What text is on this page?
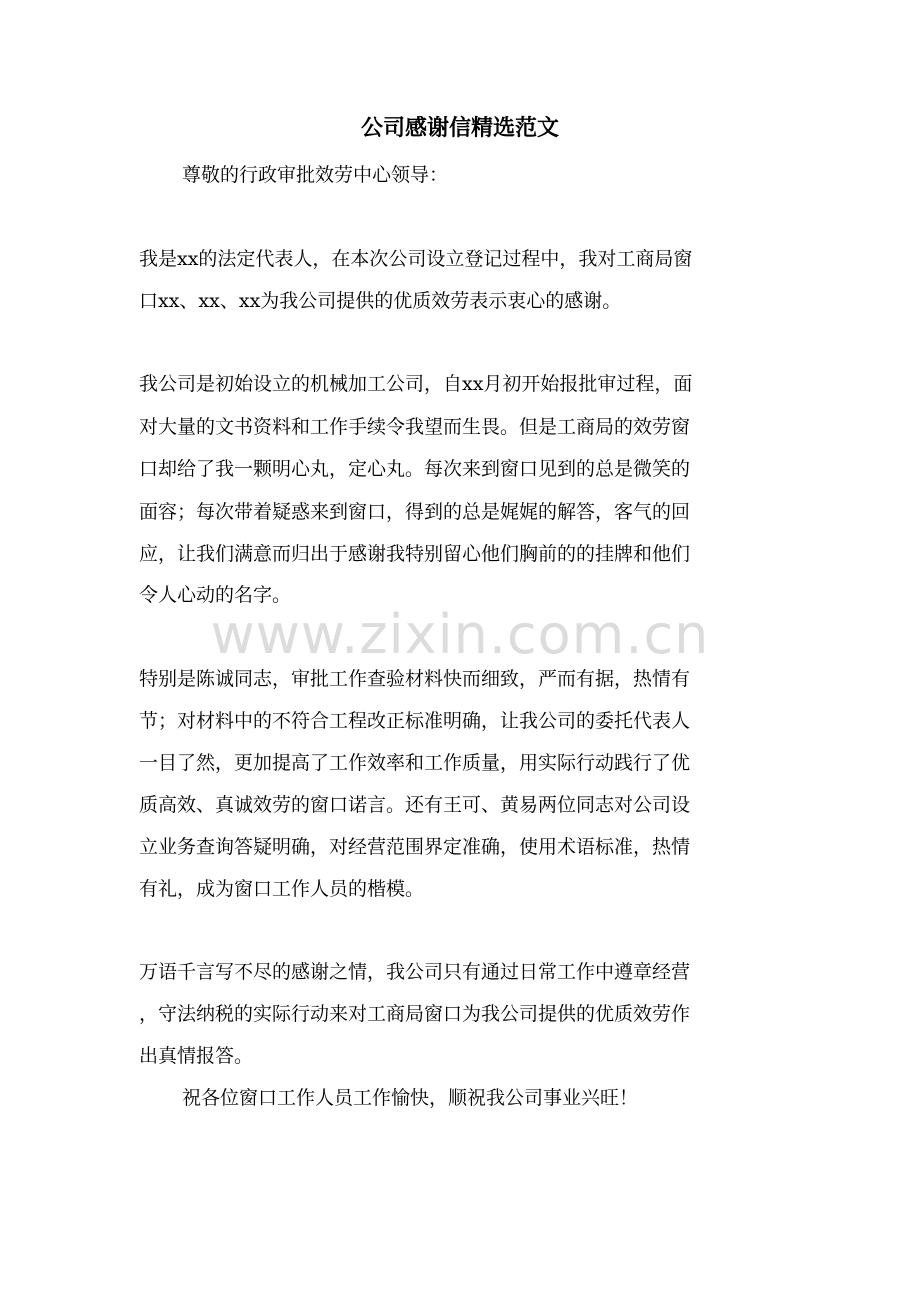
公司感谢信精选范文
尊敬的行政审批效劳中心领导：
我是xx的法定代表人，在本次公司设立登记过程中，我对工商局窗
口xx、xx、xx为我公司提供的优质效劳表示衷心的感谢。
我公司是初始设立的机械加工公司，自xx月初开始报批审过程，面
对大量的文书资料和工作手续令我望而生畏。但是工商局的效劳窗
口却给了我一颗明心丸，定心丸。每次来到窗口见到的总是微笑的
面容；每次带着疑惑来到窗口，得到的总是娓娓的解答，客气的回
应，让我们满意而归出于感谢我特别留心他们胸前的的挂牌和他们
令人心动的名字。
www.zixin.com.cn
特别是陈诚同志，审批工作查验材料快而细致，严而有据，热情有
节；对材料中的不符合工程改正标准明确，让我公司的委托代表人
一目了然，更加提高了工作效率和工作质量，用实际行动践行了优
质高效、真诚效劳的窗口诺言。还有王可、黄易两位同志对公司设
立业务查询答疑明确，对经营范围界定准确，使用术语标准，热情
有礼，成为窗口工作人员的楷模。
万语千言写不尽的感谢之情，我公司只有通过日常工作中遵章经营
，守法纳税的实际行动来对工商局窗口为我公司提供的优质效劳作
出真情报答。
祝各位窗口工作人员工作愉快，顺祝我公司事业兴旺！
